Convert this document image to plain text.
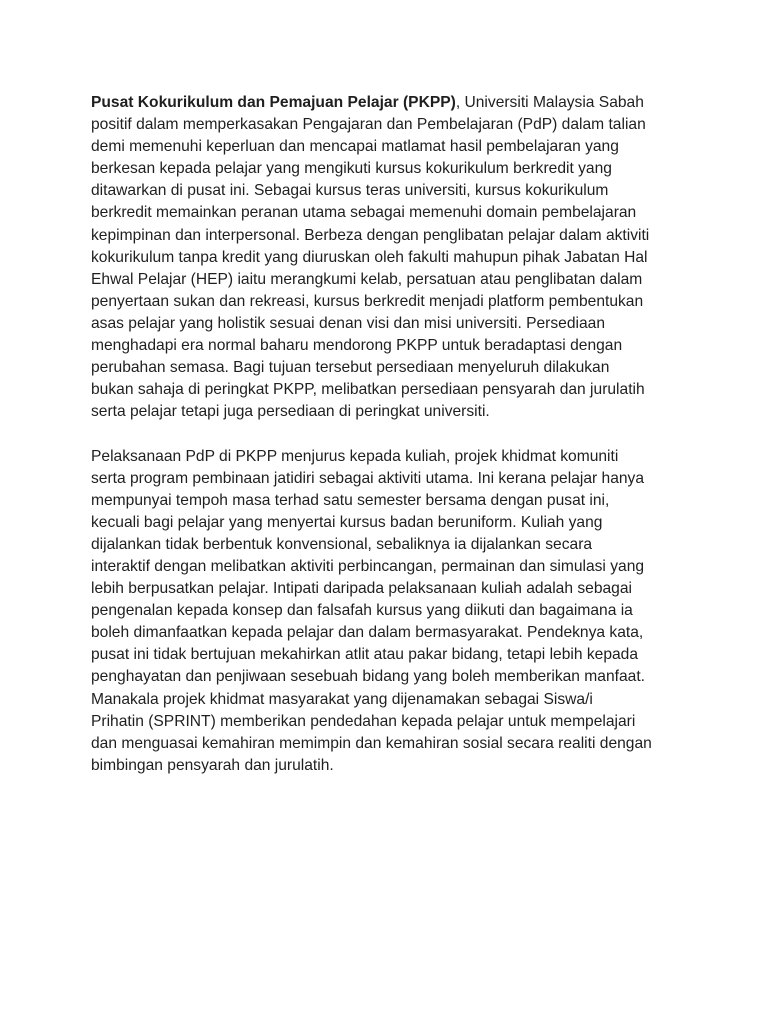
Pusat Kokurikulum dan Pemajuan Pelajar (PKPP), Universiti Malaysia Sabah
positif dalam memperkasakan Pengajaran dan Pembelajaran (PdP) dalam talian
demi memenuhi keperluan dan mencapai matlamat hasil pembelajaran yang
berkesan kepada pelajar yang mengikuti kursus kokurikulum berkredit yang
ditawarkan di pusat ini. Sebagai kursus teras universiti, kursus kokurikulum
berkredit memainkan peranan utama sebagai memenuhi domain pembelajaran
kepimpinan dan interpersonal. Berbeza dengan penglibatan pelajar dalam aktiviti
kokurikulum tanpa kredit yang diuruskan oleh fakulti mahupun pihak Jabatan Hal
Ehwal Pelajar (HEP) iaitu merangkumi kelab, persatuan atau penglibatan dalam
penyertaan sukan dan rekreasi, kursus berkredit menjadi platform pembentukan
asas pelajar yang holistik sesuai denan visi dan misi universiti. Persediaan
menghadapi era normal baharu mendorong PKPP untuk beradaptasi dengan
perubahan semasa. Bagi tujuan tersebut persediaan menyeluruh dilakukan
bukan sahaja di peringkat PKPP, melibatkan persediaan pensyarah dan jurulatih
serta pelajar tetapi juga persediaan di peringkat universiti.
Pelaksanaan PdP di PKPP menjurus kepada kuliah, projek khidmat komuniti
serta program pembinaan jatidiri sebagai aktiviti utama. Ini kerana pelajar hanya
mempunyai tempoh masa terhad satu semester bersama dengan pusat ini,
kecuali bagi pelajar yang menyertai kursus badan beruniform. Kuliah yang
dijalankan tidak berbentuk konvensional, sebaliknya ia dijalankan secara
interaktif dengan melibatkan aktiviti perbincangan, permainan dan simulasi yang
lebih berpusatkan pelajar. Intipati daripada pelaksanaan kuliah adalah sebagai
pengenalan kepada konsep dan falsafah kursus yang diikuti dan bagaimana ia
boleh dimanfaatkan kepada pelajar dan dalam bermasyarakat. Pendeknya kata,
pusat ini tidak bertujuan mekahirkan atlit atau pakar bidang, tetapi lebih kepada
penghayatan dan penjiwaan sesebuah bidang yang boleh memberikan manfaat.
Manakala projek khidmat masyarakat yang dijenamakan sebagai Siswa/i
Prihatin (SPRINT) memberikan pendedahan kepada pelajar untuk mempelajari
dan menguasai kemahiran memimpin dan kemahiran sosial secara realiti dengan
bimbingan pensyarah dan jurulatih.
